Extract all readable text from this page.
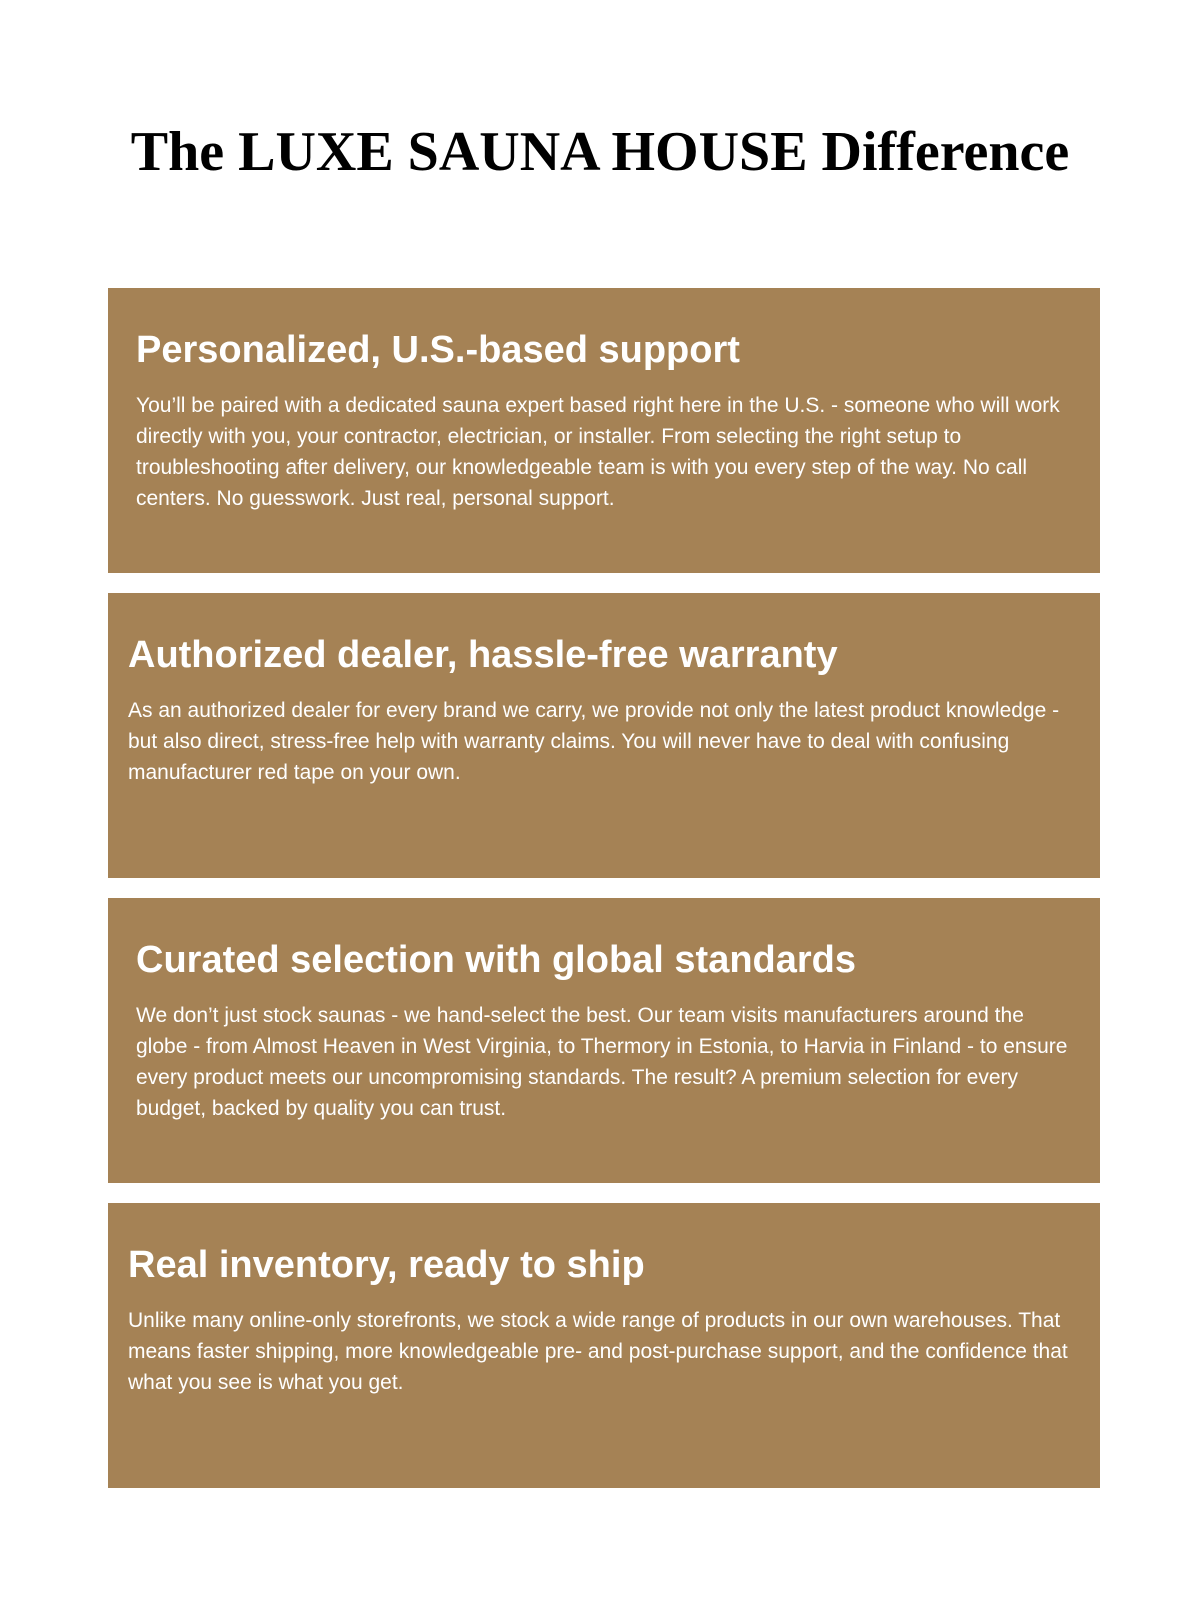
The LUXE SAUNA HOUSE Difference
Personalized, U.S.-based support

You’ll be paired with a dedicated sauna expert based right here in the U.S. - someone who will work directly with you, your contractor, electrician, or installer. From selecting the right setup to troubleshooting after delivery, our knowledgeable team is with you every step of the way. No call centers. No guesswork. Just real, personal support.

Authorized dealer, hassle-free warranty

As an authorized dealer for every brand we carry, we provide not only the latest product knowledge - but also direct, stress-free help with warranty claims. You will never have to deal with confusing manufacturer red tape on your own.

Curated selection with global standards

We don’t just stock saunas - we hand-select the best. Our team visits manufacturers around the globe - from Almost Heaven in West Virginia, to Thermory in Estonia, to Harvia in Finland - to ensure every product meets our uncompromising standards. The result? A premium selection for every budget, backed by quality you can trust.

Real inventory, ready to ship

Unlike many online-only storefronts, we stock a wide range of products in our own warehouses. That means faster shipping, more knowledgeable pre- and post-purchase support, and the confidence that what you see is what you get.
